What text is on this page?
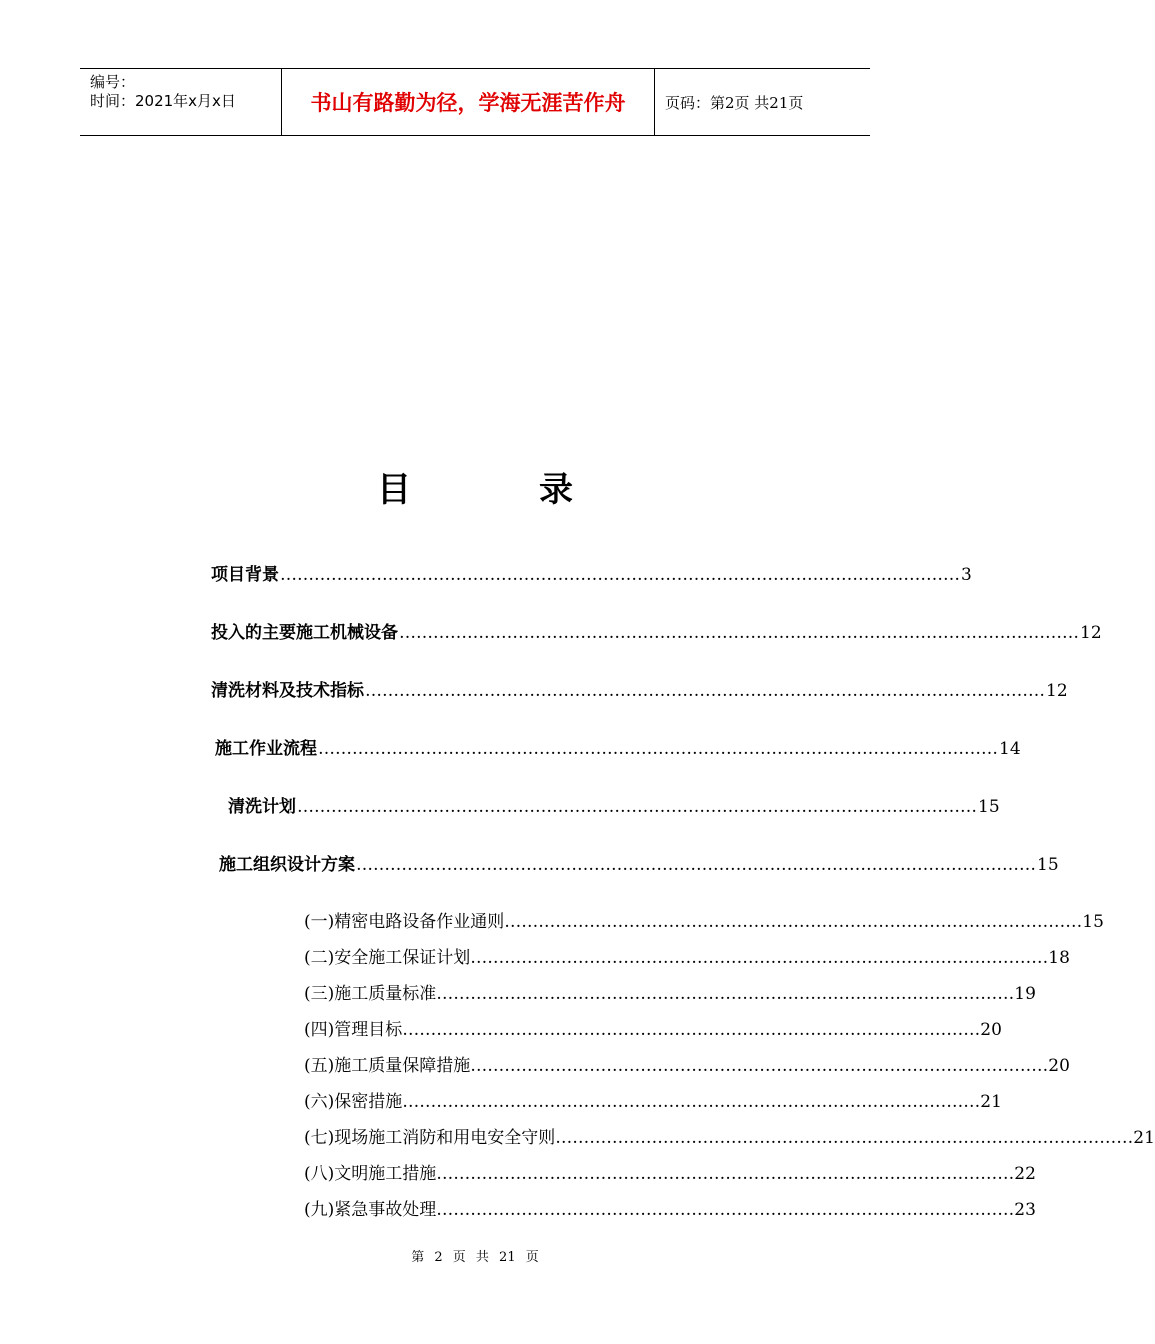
编号：
时间：2021年x月x日	书山有路勤为径，学海无涯苦作舟	页码：第2页 共21页
目	录
项目背景 ………………………………………………………………………………………………………… 3
投入的主要施工机械设备 ………………………………………………………………………………………………………… 12
清洗材料及技术指标 ………………………………………………………………………………………………………… 12
施工作业流程 ………………………………………………………………………………………………………… 14
清洗计划 ………………………………………………………………………………………………………… 15
施工组织设计方案 ………………………………………………………………………………………………………… 15
(一) 精密电路设备作业通则 ………………………………………………………………………………………… 15
(二) 安全施工保证计划 ………………………………………………………………………………………… 18
(三) 施工质量标准 ………………………………………………………………………………………… 19
(四) 管理目标 ………………………………………………………………………………………… 20
(五) 施工质量保障措施 ………………………………………………………………………………………… 20
(六) 保密措施 ………………………………………………………………………………………… 21
(七) 现场施工消防和用电安全守则 ………………………………………………………………………………………… 21
(八) 文明施工措施 ………………………………………………………………………………………… 22
(九) 紧急事故处理 ………………………………………………………………………………………… 23
第 2 页 共 21 页
